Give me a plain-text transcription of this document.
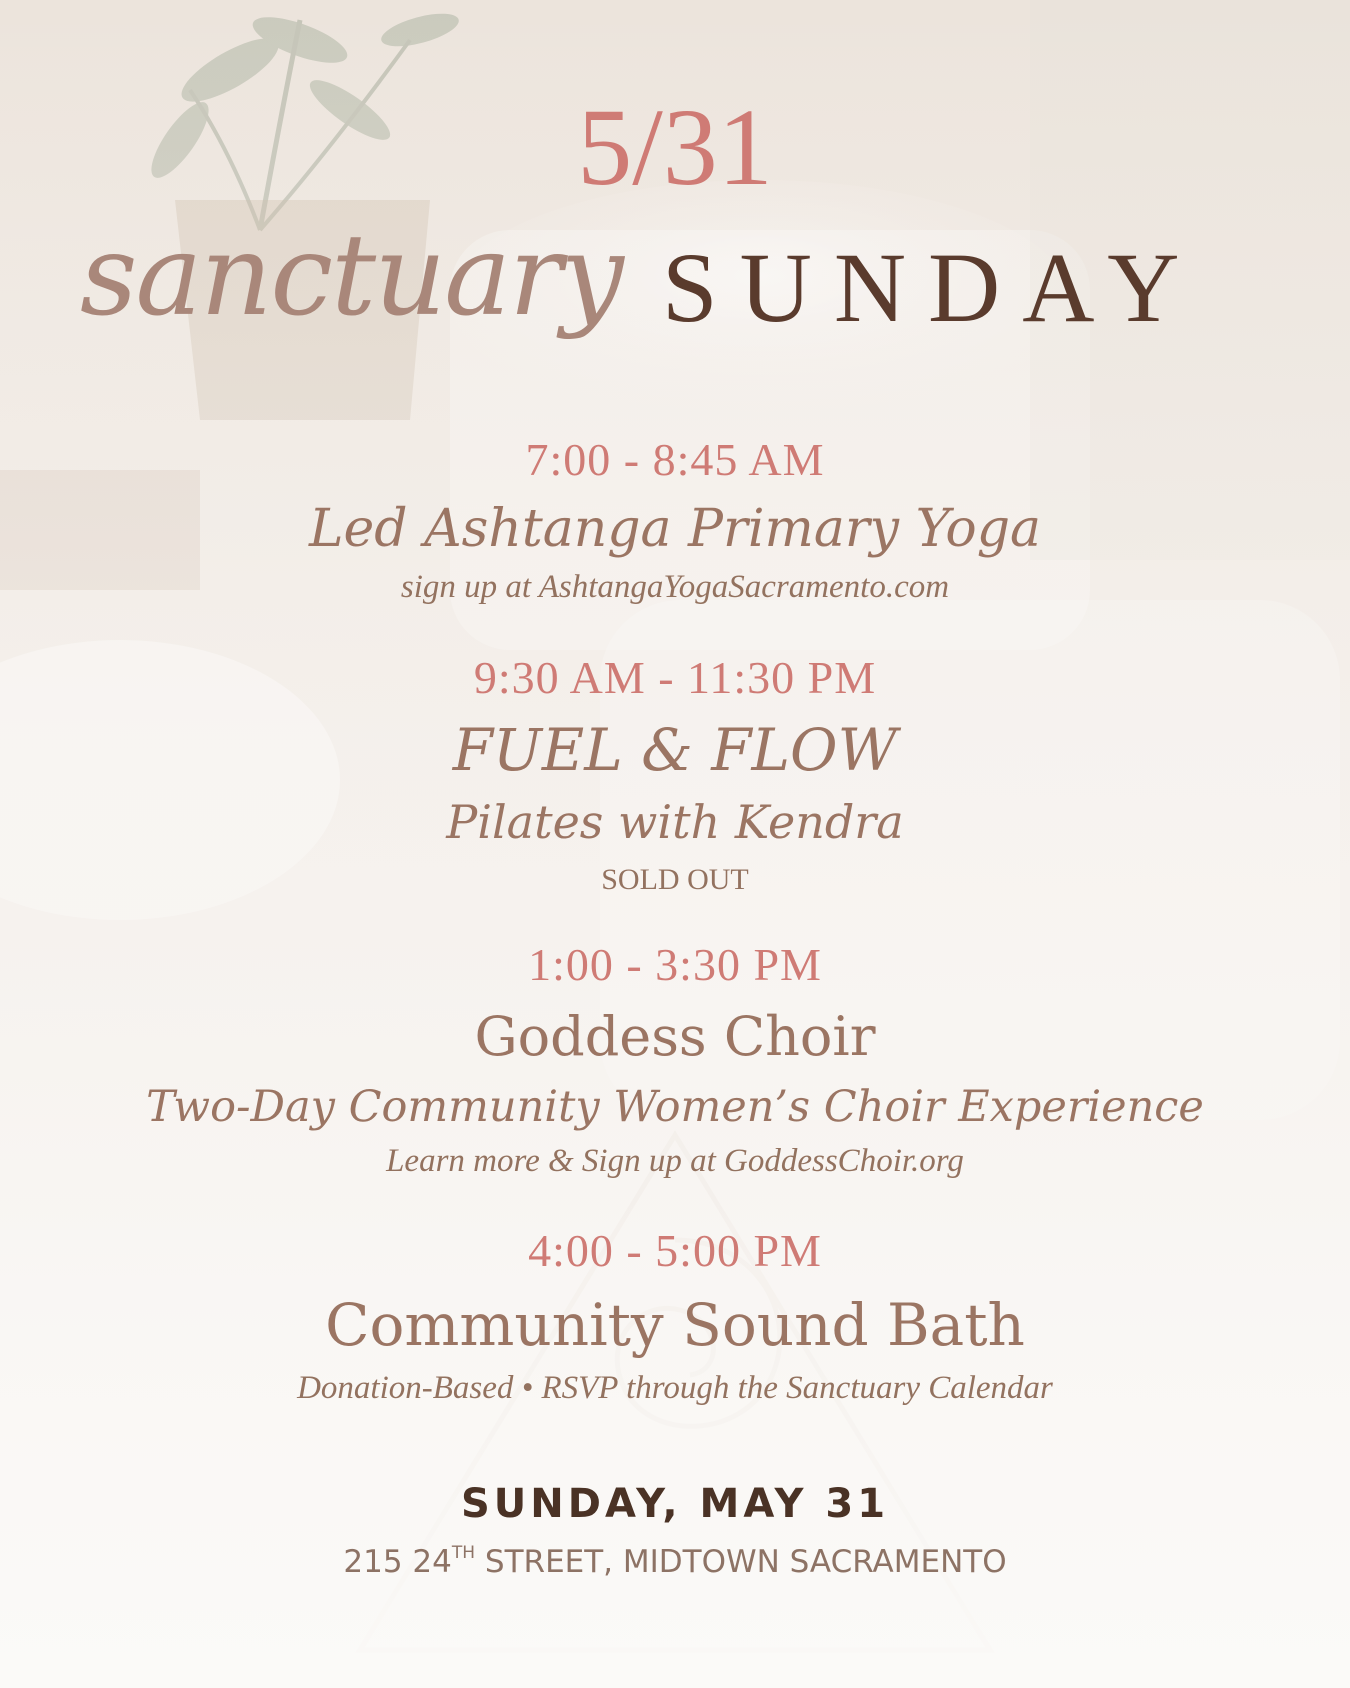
5/31
sanctuary SUNDAY
7:00 - 8:45 AM
Led Ashtanga Primary Yoga
sign up at AshtangaYogaSacramento.com
9:30 AM - 11:30 PM
FUEL & FLOW
Pilates with Kendra
SOLD OUT
1:00 - 3:30 PM
Goddess Choir
Two-Day Community Women’s Choir Experience
Learn more & Sign up at GoddessChoir.org
4:00 - 5:00 PM
Community Sound Bath
Donation-Based • RSVP through the Sanctuary Calendar
SUNDAY, MAY 31
215 24TH STREET, MIDTOWN SACRAMENTO
